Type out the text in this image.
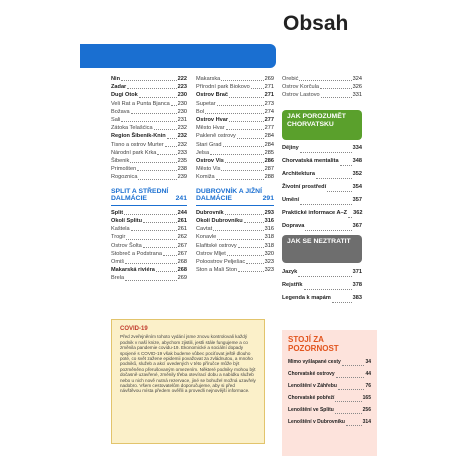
Obsah
Nin	222
Zadar	223
Dugi Otok	230
Veli Rat a Punta Bjanca 230
Božava	230
Sali	231
Zátoka Telašćica	232
Region Šibenik-Knin 232
Tisno a ostrov Murter	232
Národní park Krka	233
Šibenik	235
Primošten	238
Rogoznica	239
SPLIT A STŘEDNÍ DALMÁCIE	241
Split	244
Okolí Splitu	261
Kaštela	261
Trogir	262
Ostrov Šolta	267
Stobreč a Podstrana	267
Omiš	268
Makarská riviéra	268
Brela	269
Makarska	269
Přírodní park Biokovo	271
Ostrov Brač	271
Supetar	273
Bol	274
Ostrov Hvar	277
Město Hvar	277
Pakleně ostrovy	284
Stari Grad	284
Jelsa	285
Ostrov Vis	286
Město Vis	287
Komiža	288
DUBROVNÍK A JIŽNÍ DALMÁCIE	291
Dubrovník	293
Okolí Dubrovníku	316
Cavtat	316
Konavle	318
Elafitské ostrovy	318
Ostrov Mljet	320
Poloostrov Pelješac	323
Ston a Mali Ston	323
Orebić	324
Ostrov Korčula	326
Ostrov Lastovo	331
Dějiny	334
Chorvatská mentalita	348
Architektura	352
Životní prostředí	354
Umění	357
Praktické informace A–Z 362
Doprava	367
Jazyk	371
Rejstřík	378
Legenda k mapám	383
JAK POROZUMĚT CHORVATSKU
JAK SE NEZTRATIT
COVID-19
Před zveřejněním tohoto vydání jsme znovu kontrolovali každý podnik v naší knize, abychom zjistili, jestli stále fungujeme a co změnila pandemie covidu-19. Ekonomické a sociální dopady spojené s COVID-19 však budeme vůbec pociťovat ještě dlouho poté, co svět zažene epidemii považovat za zvládnutou, a mnoho podniků, služeb a akcí uvedených v této příručce může být pozměněno přerušovaným omezením. Některé podniky mohou být dočasně uzavřené, změnily třeba otevírací dobu a nabídku služeb nebo u nich nově nutná rezervace, jiné se bohužel možná uzavřely nadobro. Všem cestovatelům doporučujeme, aby si před návštěvou místa předem ověřili a provedli nejnovější informace.
STOJÍ ZA POZORNOST
Mimo vyšlapané cesty	34
Chorvatské ostrovy	44
Lenoštění v Záhřebu	76
Chorvatské pobřeží	165
Lenoštění ve Splitu	256
Lenoštění v Dubrovníku	314
